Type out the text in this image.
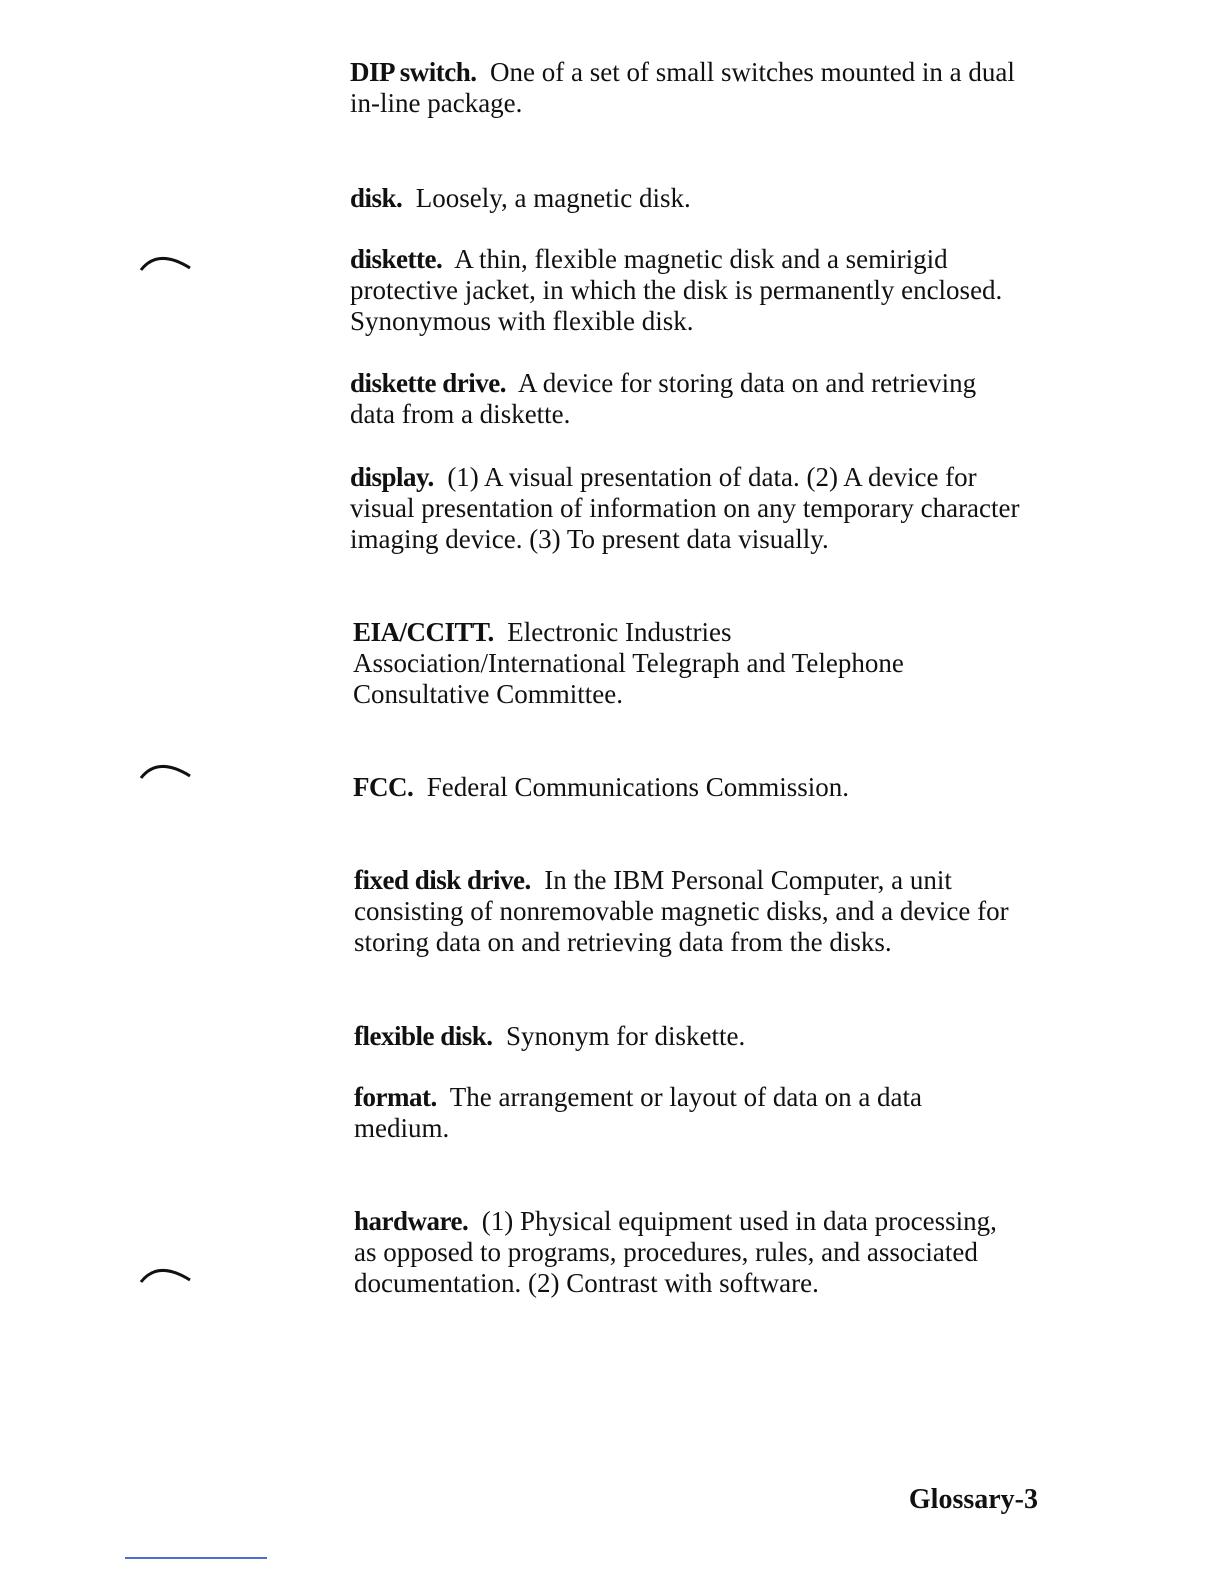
DIP switch. One of a set of small switches mounted in a dual in-line package.

disk. Loosely, a magnetic disk.

diskette. A thin, flexible magnetic disk and a semirigid protective jacket, in which the disk is permanently enclosed. Synonymous with flexible disk.

diskette drive. A device for storing data on and retrieving data from a diskette.

display. (1) A visual presentation of data. (2) A device for visual presentation of information on any temporary character imaging device. (3) To present data visually.

EIA/CCITT. Electronic Industries Association/International Telegraph and Telephone Consultative Committee.

FCC. Federal Communications Commission.

fixed disk drive. In the IBM Personal Computer, a unit consisting of nonremovable magnetic disks, and a device for storing data on and retrieving data from the disks.

flexible disk. Synonym for diskette.

format. The arrangement or layout of data on a data medium.

hardware. (1) Physical equipment used in data processing, as opposed to programs, procedures, rules, and associated documentation. (2) Contrast with software.

Glossary-3
